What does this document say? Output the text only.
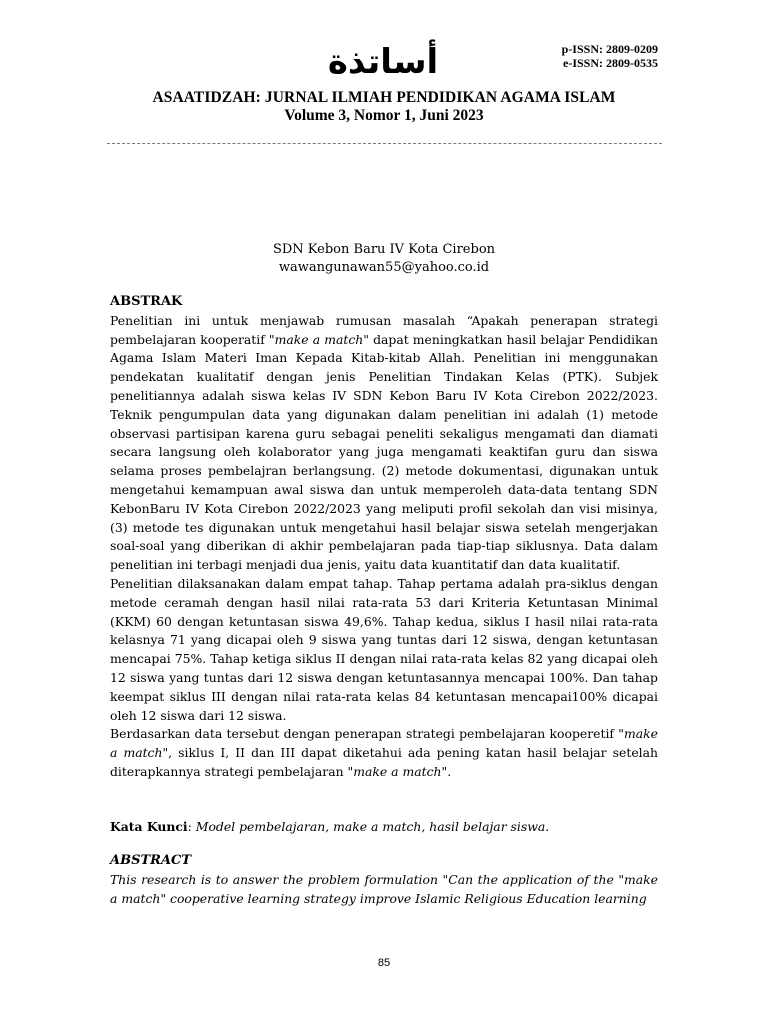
أساتذة	p-ISSN: 2809-0209
e-ISSN: 2809-0535
ASAATIDZAH: JURNAL ILMIAH PENDIDIKAN AGAMA ISLAM
Volume 3, Nomor 1, Juni 2023
SDN Kebon Baru IV Kota Cirebon
wawangunawan55@yahoo.co.id
ABSTRAK

Penelitian ini untuk menjawab rumusan masalah “Apakah penerapan strategi pembelajaran kooperatif "make a match" dapat meningkatkan hasil belajar Pendidikan Agama Islam Materi Iman Kepada Kitab-kitab Allah. Penelitian ini menggunakan pendekatan kualitatif dengan jenis Penelitian Tindakan Kelas (PTK). Subjek penelitiannya adalah siswa kelas IV SDN Kebon Baru IV Kota Cirebon 2022/2023. Teknik pengumpulan data yang digunakan dalam penelitian ini adalah (1) metode observasi partisipan karena guru sebagai peneliti sekaligus mengamati dan diamati secara langsung oleh kolaborator yang juga mengamati keaktifan guru dan siswa selama proses pembelajran berlangsung. (2) metode dokumentasi, digunakan untuk mengetahui kemampuan awal siswa dan untuk memperoleh data-data tentang SDN KebonBaru IV Kota Cirebon 2022/2023 yang meliputi profil sekolah dan visi misinya, (3) metode tes digunakan untuk mengetahui hasil belajar siswa setelah mengerjakan soal-soal yang diberikan di akhir pembelajaran pada tiap-tiap siklusnya. Data dalam penelitian ini terbagi menjadi dua jenis, yaitu data kuantitatif dan data kualitatif.

Penelitian dilaksanakan dalam empat tahap. Tahap pertama adalah pra-siklus dengan metode ceramah dengan hasil nilai rata-rata 53 dari Kriteria Ketuntasan Minimal (KKM) 60 dengan ketuntasan siswa 49,6%. Tahap kedua, siklus I hasil nilai rata-rata kelasnya 71 yang dicapai oleh 9 siswa yang tuntas dari 12 siswa, dengan ketuntasan mencapai 75%. Tahap ketiga siklus II dengan nilai rata-rata kelas 82 yang dicapai oleh 12 siswa yang tuntas dari 12 siswa dengan ketuntasannya mencapai 100%. Dan tahap keempat siklus III dengan nilai rata-rata kelas 84 ketuntasan mencapai100% dicapai oleh 12 siswa dari 12 siswa.

Berdasarkan data tersebut dengan penerapan strategi pembelajaran kooperetif "make a match", siklus I, II dan III dapat diketahui ada pening katan hasil belajar setelah diterapkannya strategi pembelajaran "make a match".

Kata Kunci: Model pembelajaran, make a match, hasil belajar siswa.
ABSTRACT
This research is to answer the problem formulation "Can the application of the "make a match" cooperative learning strategy improve Islamic Religious Education learning
85
